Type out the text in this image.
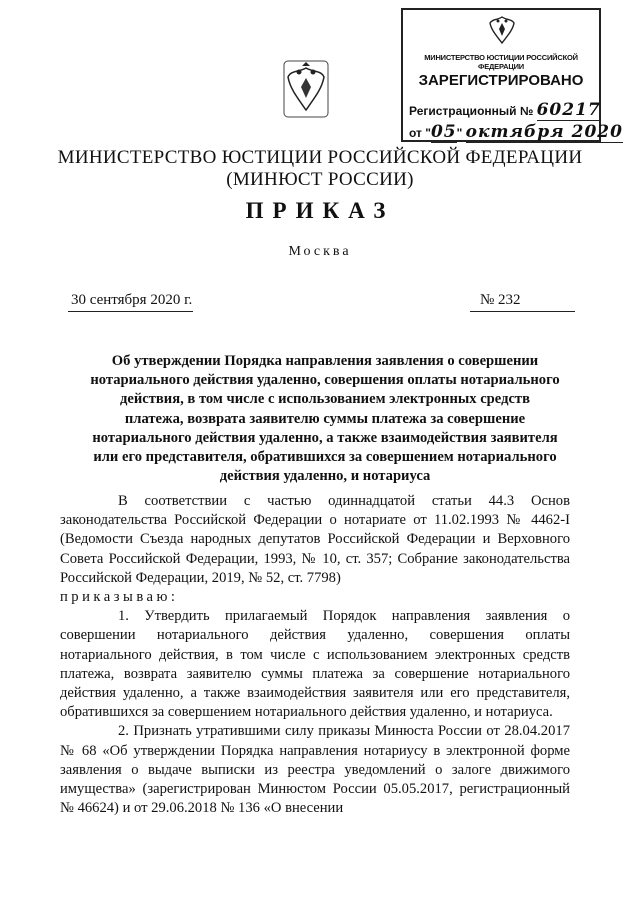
МИНИСТЕРСТВО ЮСТИЦИИ РОССИЙСКОЙ ФЕДЕРАЦИИ
ЗАРЕГИСТРИРОВАНО
Регистрационный № 60217
от "05" октября 2020
МИНИСТЕРСТВО ЮСТИЦИИ РОССИЙСКОЙ ФЕДЕРАЦИИ
(МИНЮСТ РОССИИ)
ПРИКАЗ
Москва
30 сентября 2020 г.	№ 232
Об утверждении Порядка направления заявления о совершении
нотариального действия удаленно, совершения оплаты нотариального
действия, в том числе с использованием электронных средств
платежа, возврата заявителю суммы платежа за совершение
нотариального действия удаленно, а также взаимодействия заявителя
или его представителя, обратившихся за совершением нотариального
действия удаленно, и нотариуса

В соответствии с частью одиннадцатой статьи 44.3 Основ законодательства Российской Федерации о нотариате от 11.02.1993 № 4462-I (Ведомости Съезда народных депутатов Российской Федерации и Верховного Совета Российской Федерации, 1993, № 10, ст. 357; Собрание законодательства Российской Федерации, 2019, № 52, ст. 7798)

приказываю:

1. Утвердить прилагаемый Порядок направления заявления о совершении нотариального действия удаленно, совершения оплаты нотариального действия, в том числе с использованием электронных средств платежа, возврата заявителю суммы платежа за совершение нотариального действия удаленно, а также взаимодействия заявителя или его представителя, обратившихся за совершением нотариального действия удаленно, и нотариуса.

2. Признать утратившими силу приказы Минюста России от 28.04.2017 № 68 «Об утверждении Порядка направления нотариусу в электронной форме заявления о выдаче выписки из реестра уведомлений о залоге движимого имущества» (зарегистрирован Минюстом России 05.05.2017, регистрационный № 46624) и от 29.06.2018 № 136 «О внесении
